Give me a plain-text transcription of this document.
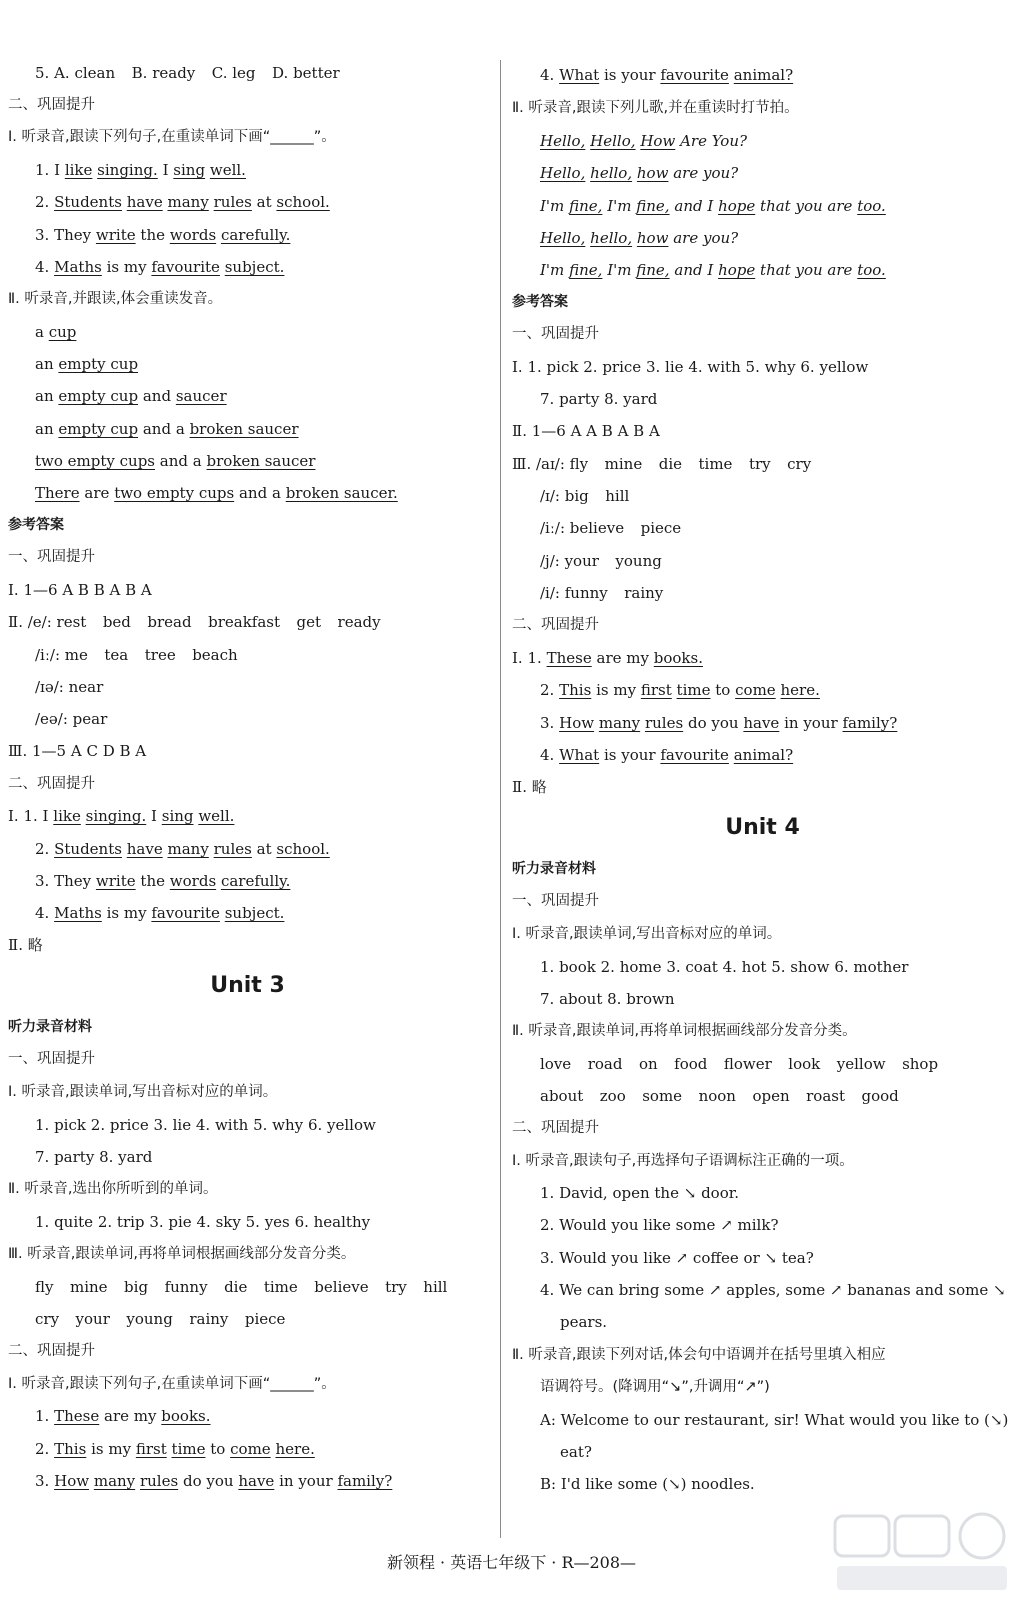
5. A. clean B. ready C. leg D. better
二、巩固提升
Ⅰ. 听录音,跟读下列句子,在重读单词下画“______”。
1. I like singing. I sing well.
2. Students have many rules at school.
3. They write the words carefully.
4. Maths is my favourite subject.
Ⅱ. 听录音,并跟读,体会重读发音。
a cup
an empty cup
an empty cup and saucer
an empty cup and a broken saucer
two empty cups and a broken saucer
There are two empty cups and a broken saucer.
参考答案
一、巩固提升
Ⅰ. 1—6 A B B A B A
Ⅱ. /e/: rest bed bread breakfast get ready
/iː/: me tea tree beach
/ɪə/: near
/eə/: pear
Ⅲ. 1—5 A C D B A
二、巩固提升
Ⅰ. 1. I like singing. I sing well.
2. Students have many rules at school.
3. They write the words carefully.
4. Maths is my favourite subject.
Ⅱ. 略
Unit 3
听力录音材料
一、巩固提升
Ⅰ. 听录音,跟读单词,写出音标对应的单词。
1. pick 2. price 3. lie 4. with 5. why 6. yellow
7. party 8. yard
Ⅱ. 听录音,选出你所听到的单词。
1. quite 2. trip 3. pie 4. sky 5. yes 6. healthy
Ⅲ. 听录音,跟读单词,再将单词根据画线部分发音分类。
fly mine big funny die time believe try hill
cry your young rainy piece
二、巩固提升
Ⅰ. 听录音,跟读下列句子,在重读单词下画“______”。
1. These are my books.
2. This is my first time to come here.
3. How many rules do you have in your family?
4. What is your favourite animal?
Ⅱ. 听录音,跟读下列儿歌,并在重读时打节拍。
Hello, Hello, How Are You?
Hello, hello, how are you?
I'm fine, I'm fine, and I hope that you are too.
Hello, hello, how are you?
I'm fine, I'm fine, and I hope that you are too.
参考答案
一、巩固提升
Ⅰ. 1. pick 2. price 3. lie 4. with 5. why 6. yellow
7. party 8. yard
Ⅱ. 1—6 A A B A B A
Ⅲ. /aɪ/: fly mine die time try cry
/ɪ/: big hill
/iː/: believe piece
/j/: your young
/i/: funny rainy
二、巩固提升
Ⅰ. 1. These are my books.
2. This is my first time to come here.
3. How many rules do you have in your family?
4. What is your favourite animal?
Ⅱ. 略
Unit 4
听力录音材料
一、巩固提升
Ⅰ. 听录音,跟读单词,写出音标对应的单词。
1. book 2. home 3. coat 4. hot 5. show 6. mother
7. about 8. brown
Ⅱ. 听录音,跟读单词,再将单词根据画线部分发音分类。
love road on food flower look yellow shop
about zoo some noon open roast good
二、巩固提升
Ⅰ. 听录音,跟读句子,再选择句子语调标注正确的一项。
1. David, open the ↘ door.
2. Would you like some ↗ milk?
3. Would you like ↗ coffee or ↘ tea?
4. We can bring some ↗ apples, some ↗ bananas and some ↘
pears.
Ⅱ. 听录音,跟读下列对话,体会句中语调并在括号里填入相应
语调符号。(降调用“↘”,升调用“↗”)
A: Welcome to our restaurant, sir! What would you like to (↘)
eat?
B: I'd like some (↘) noodles.
新领程 · 英语七年级下 · R—208—
